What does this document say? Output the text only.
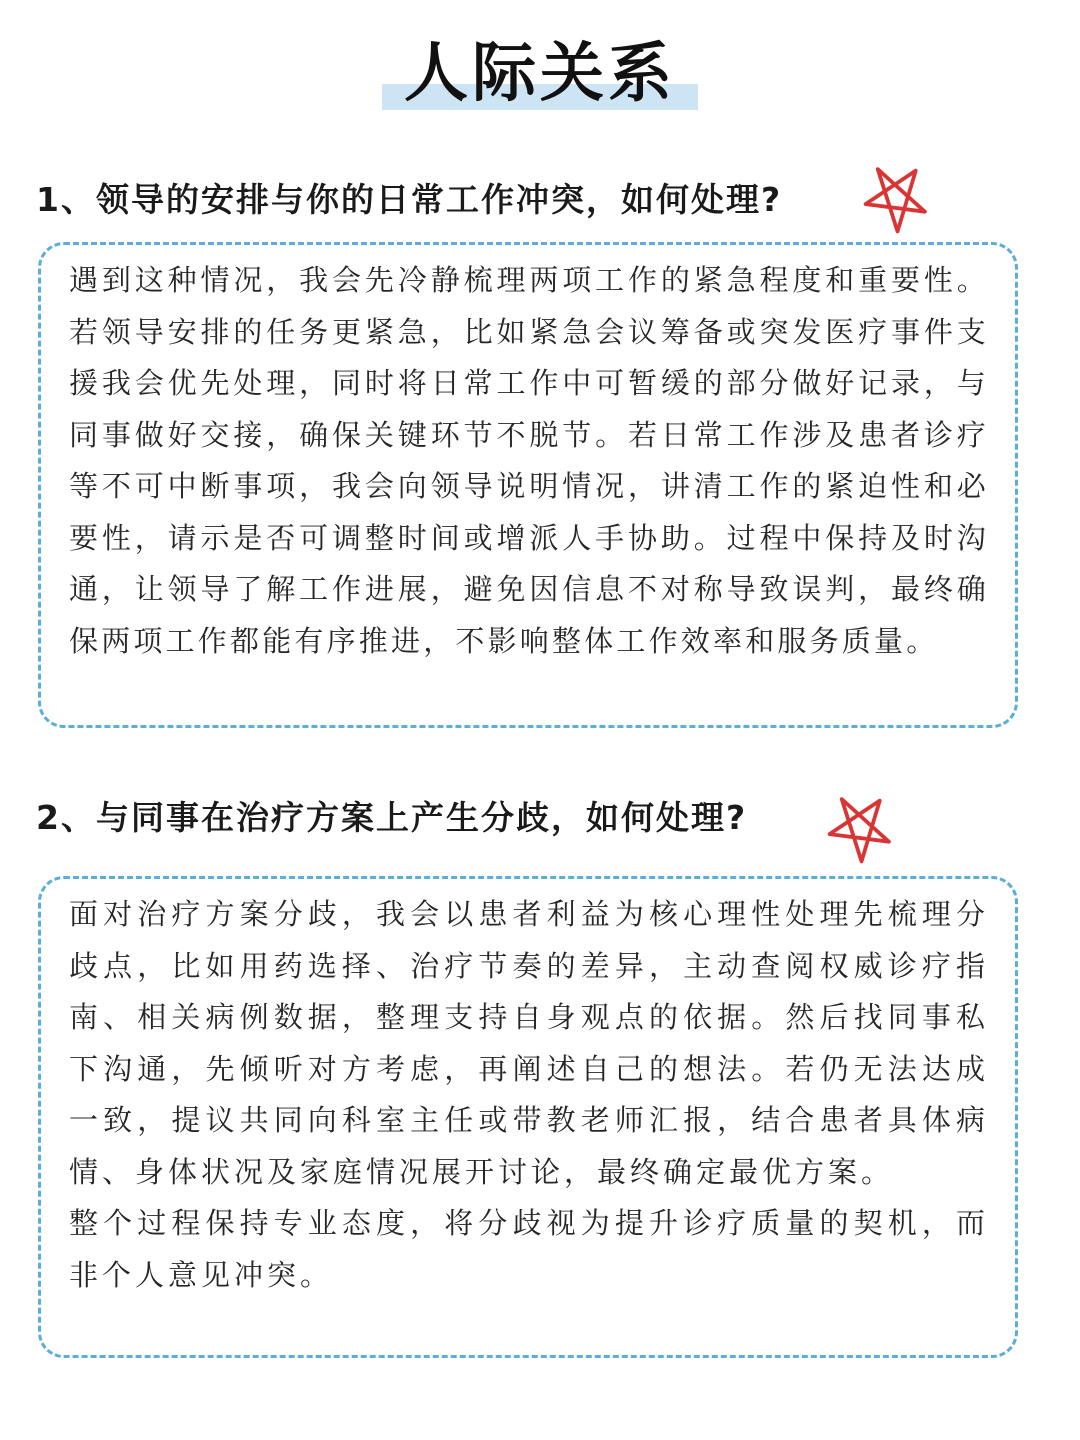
人际关系
1、领导的安排与你的日常工作冲突，如何处理?

遇到这种情况，我会先冷静梳理两项工作的紧急程度和重要性。若领导安排的任务更紧急，比如紧急会议筹备或突发医疗事件支援我会优先处理，同时将日常工作中可暂缓的部分做好记录，与同事做好交接，确保关键环节不脱节。若日常工作涉及患者诊疗等不可中断事项，我会向领导说明情况，讲清工作的紧迫性和必要性，请示是否可调整时间或增派人手协助。过程中保持及时沟通，让领导了解工作进展，避免因信息不对称导致误判，最终确保两项工作都能有序推进，不影响整体工作效率和服务质量。

2、与同事在治疗方案上产生分歧，如何处理?

面对治疗方案分歧，我会以患者利益为核心理性处理先梳理分歧点，比如用药选择、治疗节奏的差异，主动查阅权威诊疗指南、相关病例数据，整理支持自身观点的依据。然后找同事私下沟通，先倾听对方考虑，再阐述自己的想法。若仍无法达成一致，提议共同向科室主任或带教老师汇报，结合患者具体病情、身体状况及家庭情况展开讨论，最终确定最优方案。

整个过程保持专业态度，将分歧视为提升诊疗质量的契机，而非个人意见冲突。
